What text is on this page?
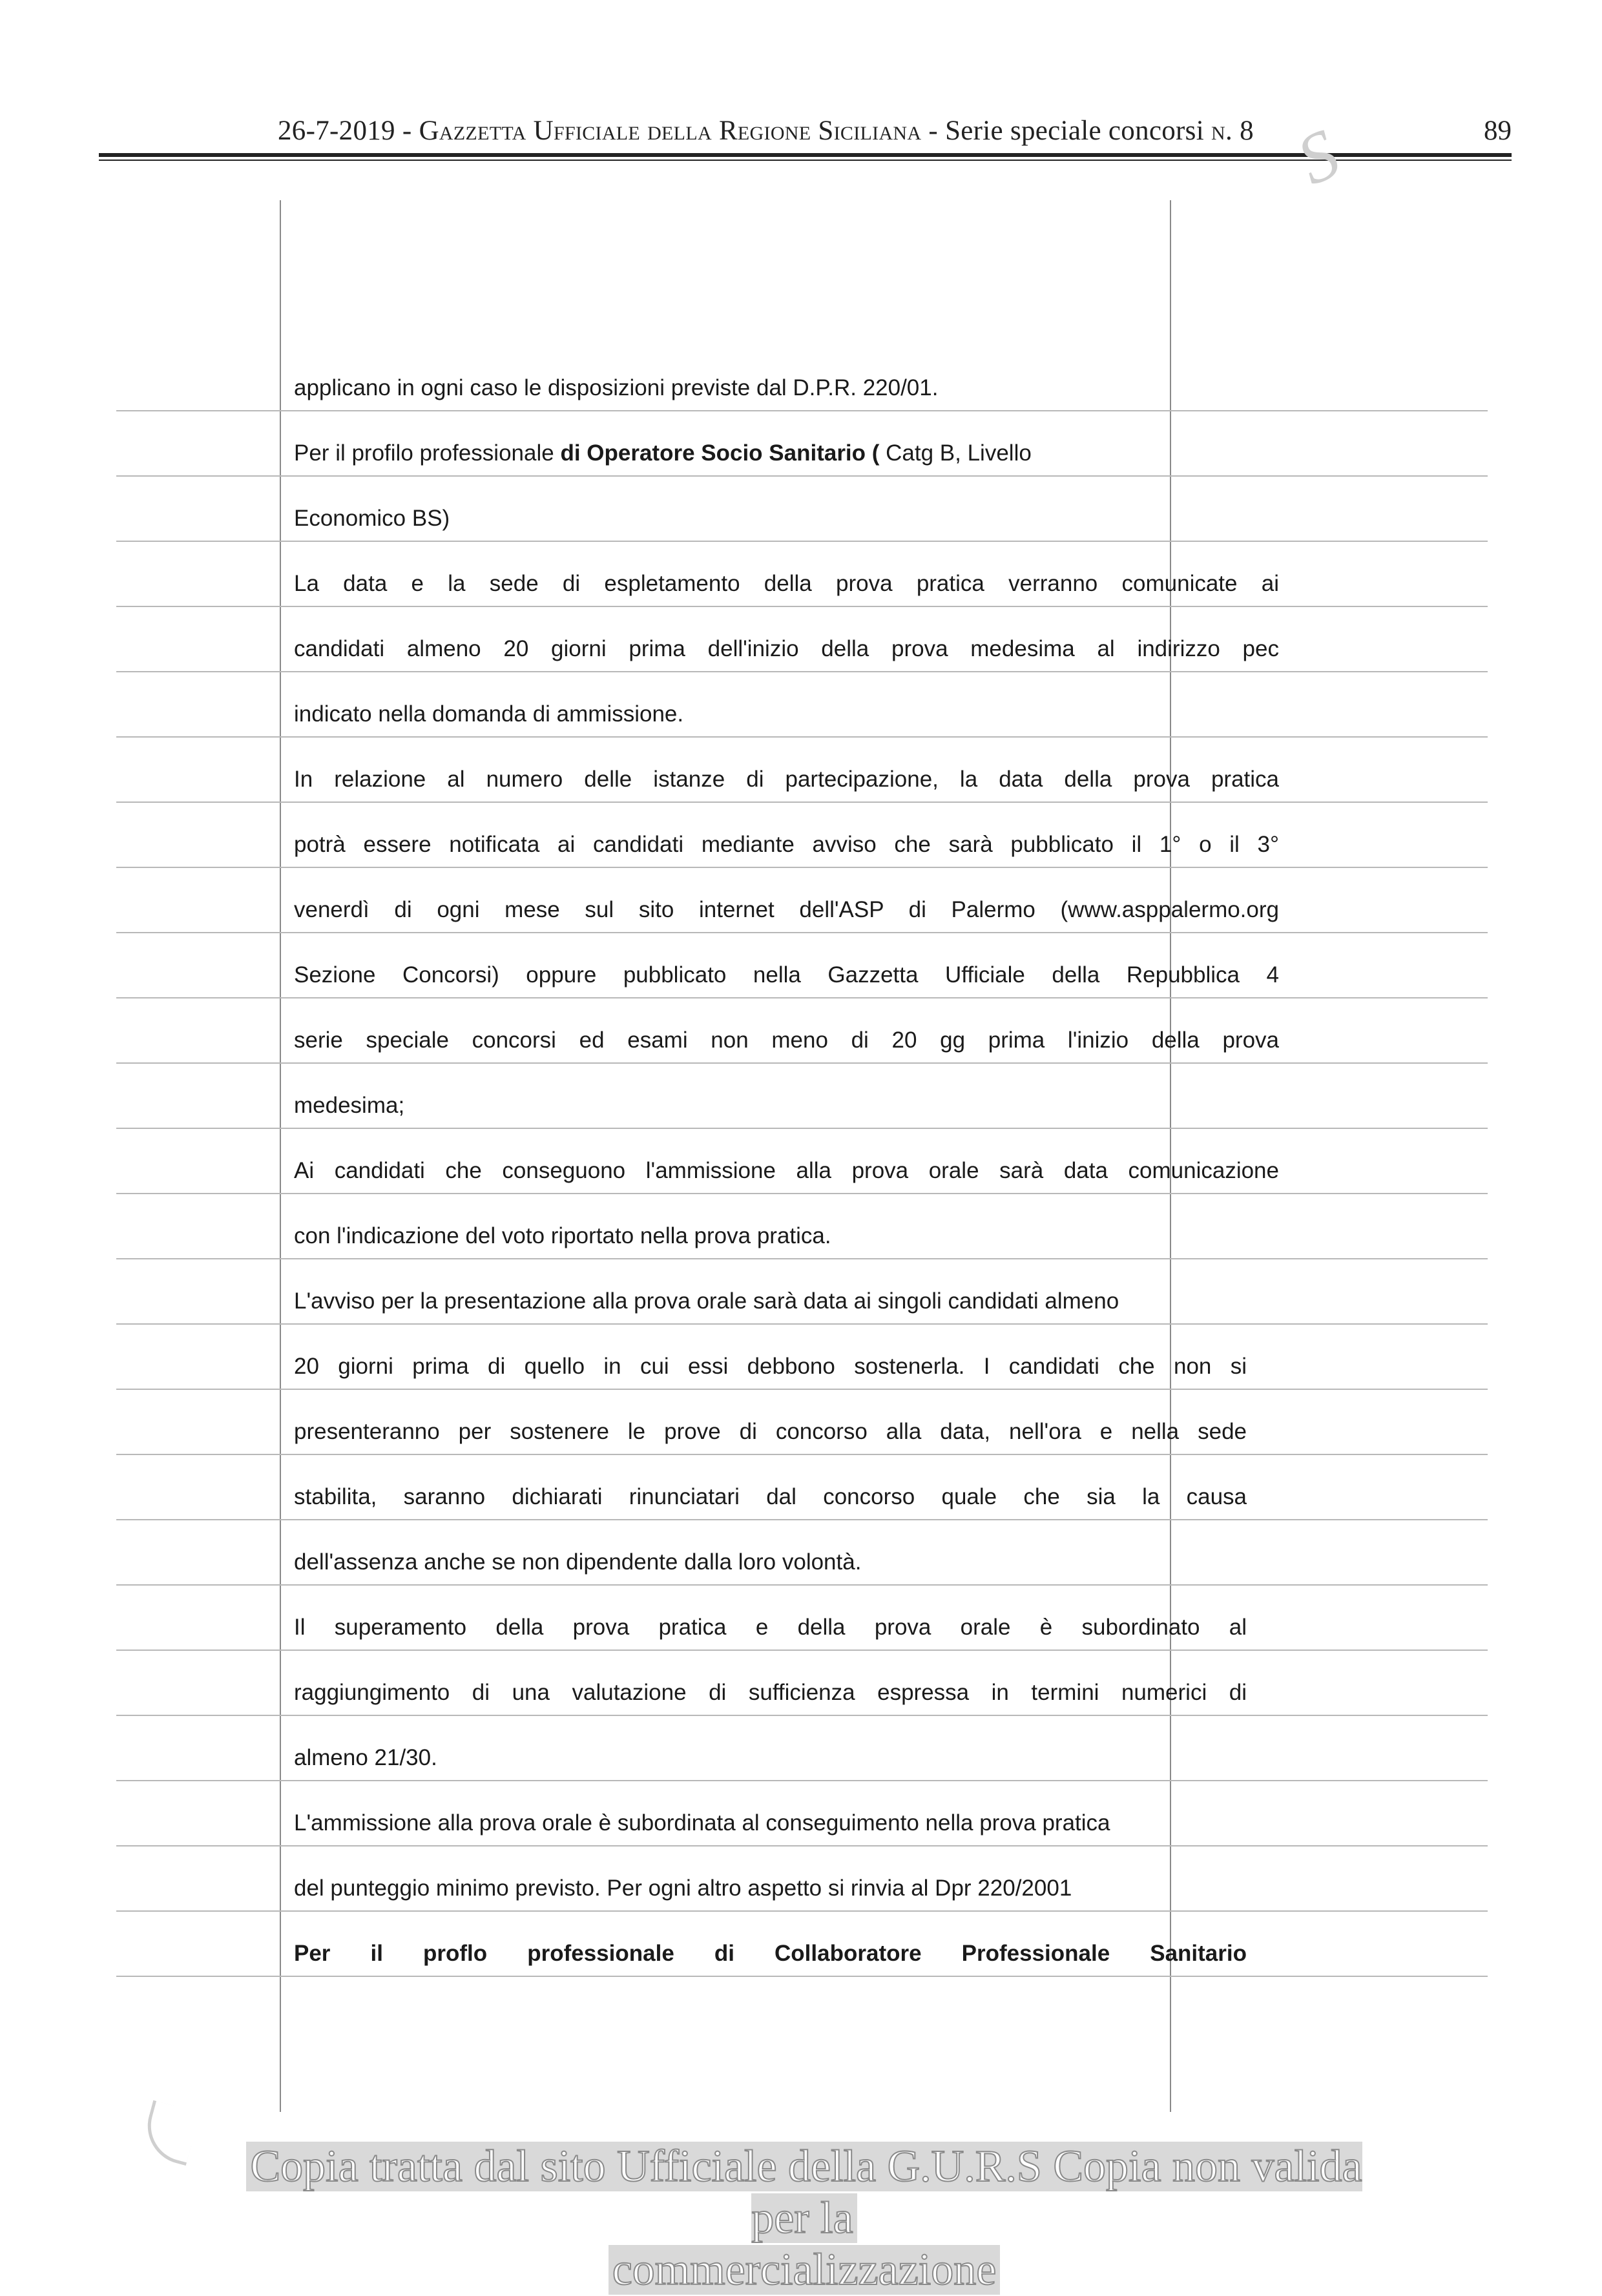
26-7-2019 - Gazzetta Ufficiale della Regione Siciliana - Serie speciale concorsi n. 8	89
S
applicano in ogni caso le disposizioni previste dal D.P.R. 220/01.
Per il profilo professionale di Operatore Socio Sanitario ( Catg B, Livello
Economico BS)
La data e la sede di espletamento della prova pratica verranno comunicate ai
candidati almeno 20 giorni prima dell'inizio della prova medesima al indirizzo pec
indicato nella domanda di ammissione.
In relazione al numero delle istanze di partecipazione, la data della prova pratica
potrà essere notificata ai candidati mediante avviso che sarà pubblicato il 1° o il 3°
venerdì di ogni mese sul sito internet dell'ASP di Palermo (www.asppalermo.org
Sezione Concorsi) oppure pubblicato nella Gazzetta Ufficiale della Repubblica 4
serie speciale concorsi ed esami non meno di 20 gg prima l'inizio della prova
medesima;
Ai candidati che conseguono l'ammissione alla prova orale sarà data comunicazione
con l'indicazione del voto riportato nella prova pratica.
L'avviso per la presentazione alla prova orale sarà data ai singoli candidati almeno
20 giorni prima di quello in cui essi debbono sostenerla. I candidati che non si
presenteranno per sostenere le prove di concorso alla data, nell'ora e nella sede
stabilita, saranno dichiarati rinunciatari dal concorso quale che sia la causa
dell'assenza anche se non dipendente dalla loro volontà.
Il superamento della prova pratica e della prova orale è subordinato al
raggiungimento di una valutazione di sufficienza espressa in termini numerici di
almeno 21/30.
L'ammissione alla prova orale è subordinata al conseguimento nella prova pratica
del punteggio minimo previsto. Per ogni altro aspetto si rinvia al Dpr 220/2001
Per il proflo professionale di Collaboratore Professionale Sanitario
Copia tratta dal sito Ufficiale della G.U.R.S Copia non valida per la
commercializzazione
